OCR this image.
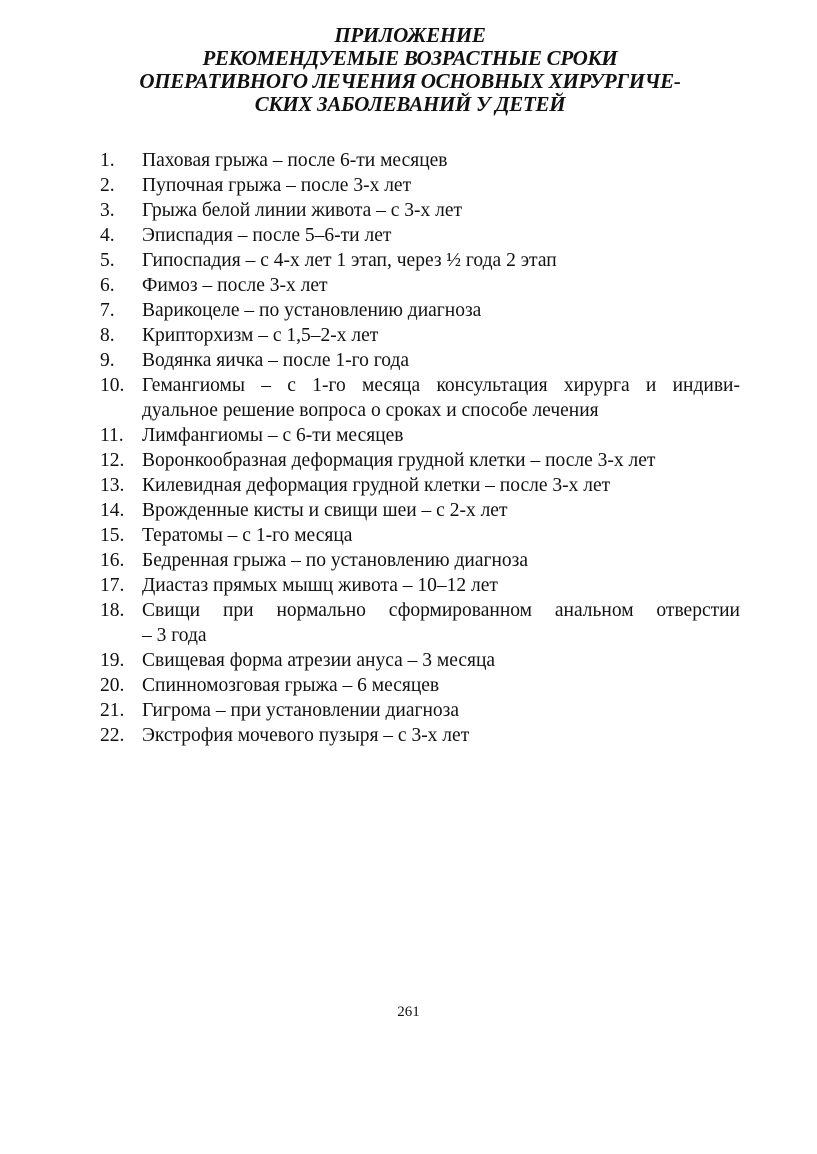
ПРИЛОЖЕНИЕ
РЕКОМЕНДУЕМЫЕ ВОЗРАСТНЫЕ СРОКИ
ОПЕРАТИВНОГО ЛЕЧЕНИЯ ОСНОВНЫХ ХИРУРГИЧЕ-
СКИХ ЗАБОЛЕВАНИЙ У ДЕТЕЙ
1.	Паховая грыжа – после 6-ти месяцев
2.	Пупочная грыжа – после 3-х лет
3.	Грыжа белой линии живота – с 3-х лет
4.	Эписпадия – после 5–6-ти лет
5.	Гипоспадия – с 4-х лет 1 этап, через ½ года 2 этап
6.	Фимоз – после 3-х лет
7.	Варикоцеле – по установлению диагноза
8.	Крипторхизм – с 1,5–2-х лет
9.	Водянка яичка – после 1-го года
10. Гемангиомы – с 1-го месяца консультация хирурга и индиви-
дуальное решение вопроса о сроках и способе лечения
11. Лимфангиомы – с 6-ти месяцев
12. Воронкообразная деформация грудной клетки – после 3-х лет
13. Килевидная деформация грудной клетки – после 3-х лет
14. Врожденные кисты и свищи шеи – с 2-х лет
15. Тератомы – с 1-го месяца
16. Бедренная грыжа – по установлению диагноза
17. Диастаз прямых мышц живота – 10–12 лет
18. Свищи при нормально сформированном анальном отверстии
– 3 года
19. Свищевая форма атрезии ануса – 3 месяца
20. Спинномозговая грыжа – 6 месяцев
21. Гигрома – при установлении диагноза
22. Экстрофия мочевого пузыря – с 3-х лет
261
